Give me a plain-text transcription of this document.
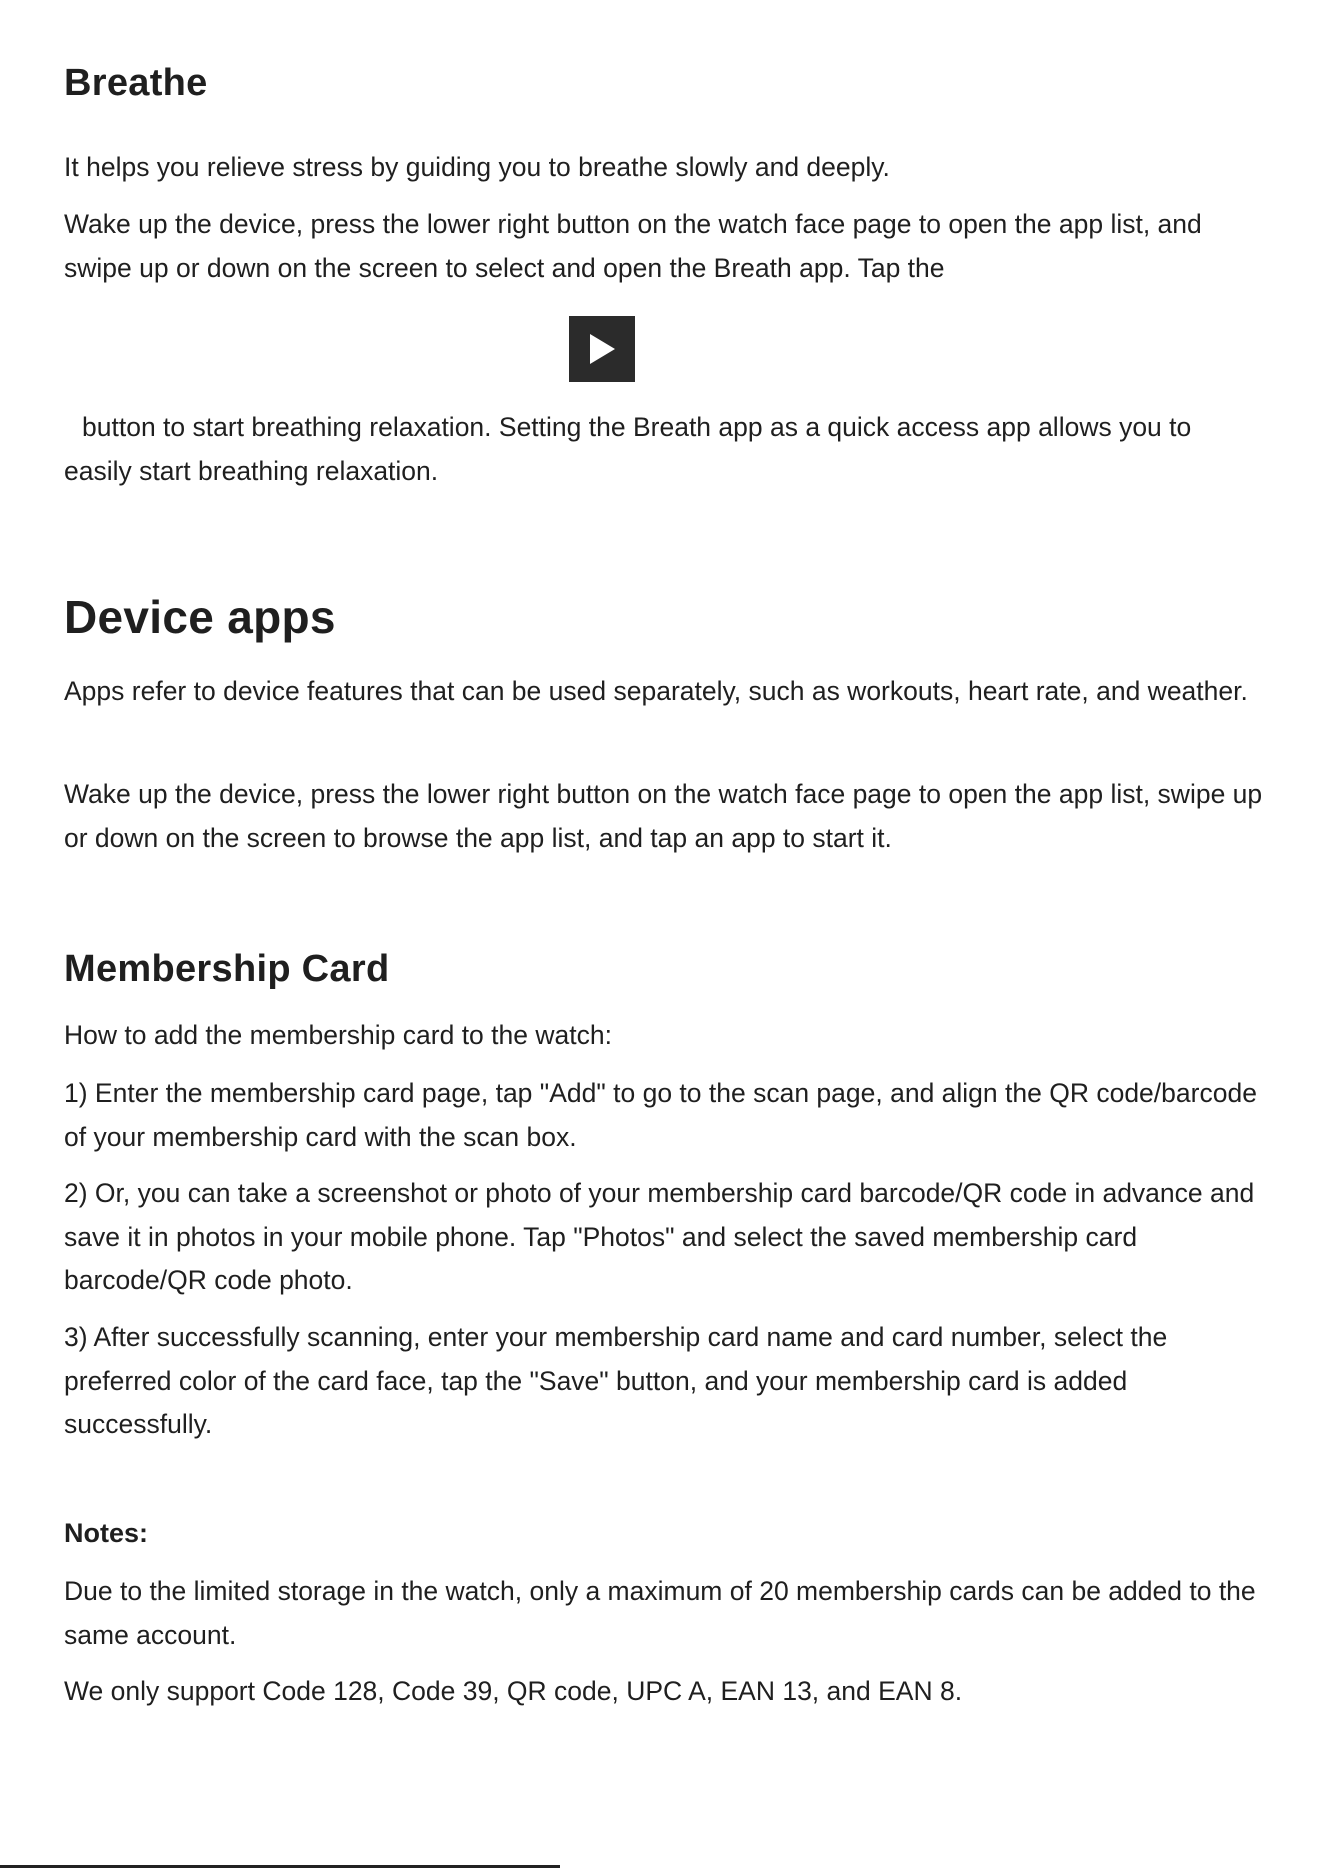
Breathe

It helps you relieve stress by guiding you to breathe slowly and deeply.

Wake up the device, press the lower right button on the watch face page to open the app list, and swipe up or down on the screen to select and open the Breath app. Tap the

button to start breathing relaxation. Setting the Breath app as a quick access app allows you to easily start breathing relaxation.

Device apps

Apps refer to device features that can be used separately, such as workouts, heart rate, and weather.

Wake up the device, press the lower right button on the watch face page to open the app list, swipe up or down on the screen to browse the app list, and tap an app to start it.

Membership Card

How to add the membership card to the watch:

1) Enter the membership card page, tap "Add" to go to the scan page, and align the QR code/barcode of your membership card with the scan box.

2) Or, you can take a screenshot or photo of your membership card barcode/QR code in advance and save it in photos in your mobile phone. Tap "Photos" and select the saved membership card barcode/QR code photo.

3) After successfully scanning, enter your membership card name and card number, select the preferred color of the card face, tap the "Save" button, and your membership card is added successfully.

Notes:

Due to the limited storage in the watch, only a maximum of 20 membership cards can be added to the same account.

We only support Code 128, Code 39, QR code, UPC A, EAN 13, and EAN 8.
